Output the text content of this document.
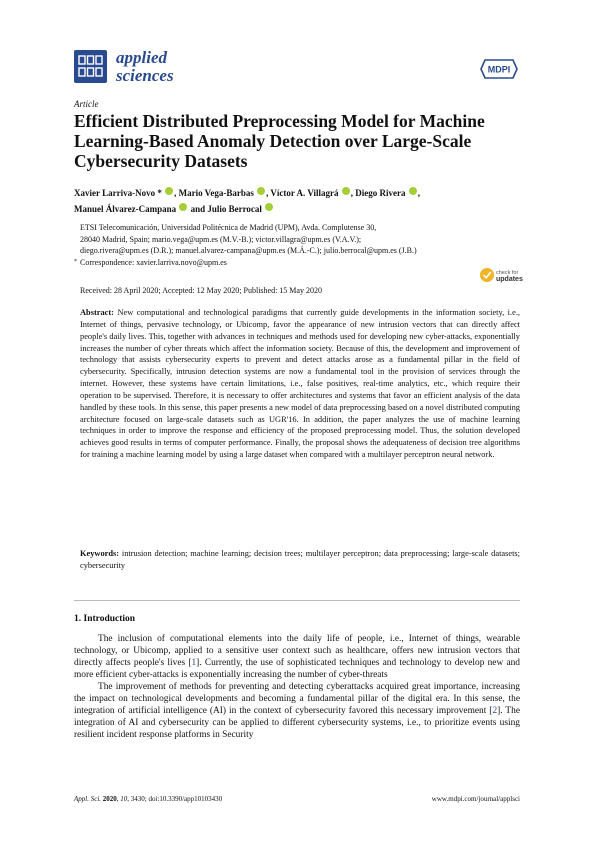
applied
sciences	MDPI
Article
Efficient Distributed Preprocessing Model for Machine Learning-Based Anomaly Detection over Large-Scale Cybersecurity Datasets
Xavier Larriva-Novo * , Mario Vega-Barbas , Víctor A. Villagrá , Diego Rivera ,
Manuel Álvarez-Campana and Julio Berrocal
ETSI Telecomunicación, Universidad Politécnica de Madrid (UPM), Avda. Complutense 30,
28040 Madrid, Spain; mario.vega@upm.es (M.V.-B.); victor.villagra@upm.es (V.A.V.);
diego.rivera@upm.es (D.R.); manuel.alvarez-campana@upm.es (M.Á.-C.); julio.berrocal@upm.es (J.B.)
* Correspondence: xavier.larriva.novo@upm.es
check for
updates
Received: 28 April 2020; Accepted: 12 May 2020; Published: 15 May 2020
Abstract: New computational and technological paradigms that currently guide developments in the information society, i.e., Internet of things, pervasive technology, or Ubicomp, favor the appearance of new intrusion vectors that can directly affect people's daily lives. This, together with advances in techniques and methods used for developing new cyber-attacks, exponentially increases the number of cyber threats which affect the information society. Because of this, the development and improvement of technology that assists cybersecurity experts to prevent and detect attacks arose as a fundamental pillar in the field of cybersecurity. Specifically, intrusion detection systems are now a fundamental tool in the provision of services through the internet. However, these systems have certain limitations, i.e., false positives, real-time analytics, etc., which require their operation to be supervised. Therefore, it is necessary to offer architectures and systems that favor an efficient analysis of the data handled by these tools. In this sense, this paper presents a new model of data preprocessing based on a novel distributed computing architecture focused on large-scale datasets such as UGR'16. In addition, the paper analyzes the use of machine learning techniques in order to improve the response and efficiency of the proposed preprocessing model. Thus, the solution developed achieves good results in terms of computer performance. Finally, the proposal shows the adequateness of decision tree algorithms for training a machine learning model by using a large dataset when compared with a multilayer perceptron neural network.
Keywords: intrusion detection; machine learning; decision trees; multilayer perceptron; data preprocessing; large-scale datasets; cybersecurity
1. Introduction

The inclusion of computational elements into the daily life of people, i.e., Internet of things, wearable technology, or Ubicomp, applied to a sensitive user context such as healthcare, offers new intrusion vectors that directly affects people's lives [1]. Currently, the use of sophisticated techniques and technology to develop new and more efficient cyber-attacks is exponentially increasing the number of cyber-threats

The improvement of methods for preventing and detecting cyberattacks acquired great importance, increasing the impact on technological developments and becoming a fundamental pillar of the digital era. In this sense, the integration of artificial intelligence (AI) in the context of cybersecurity favored this necessary improvement [2]. The integration of AI and cybersecurity can be applied to different cybersecurity systems, i.e., to prioritize events using resilient incident response platforms in Security

Appl. Sci. 2020, 10, 3430; doi:10.3390/app10103430	www.mdpi.com/journal/applsci
